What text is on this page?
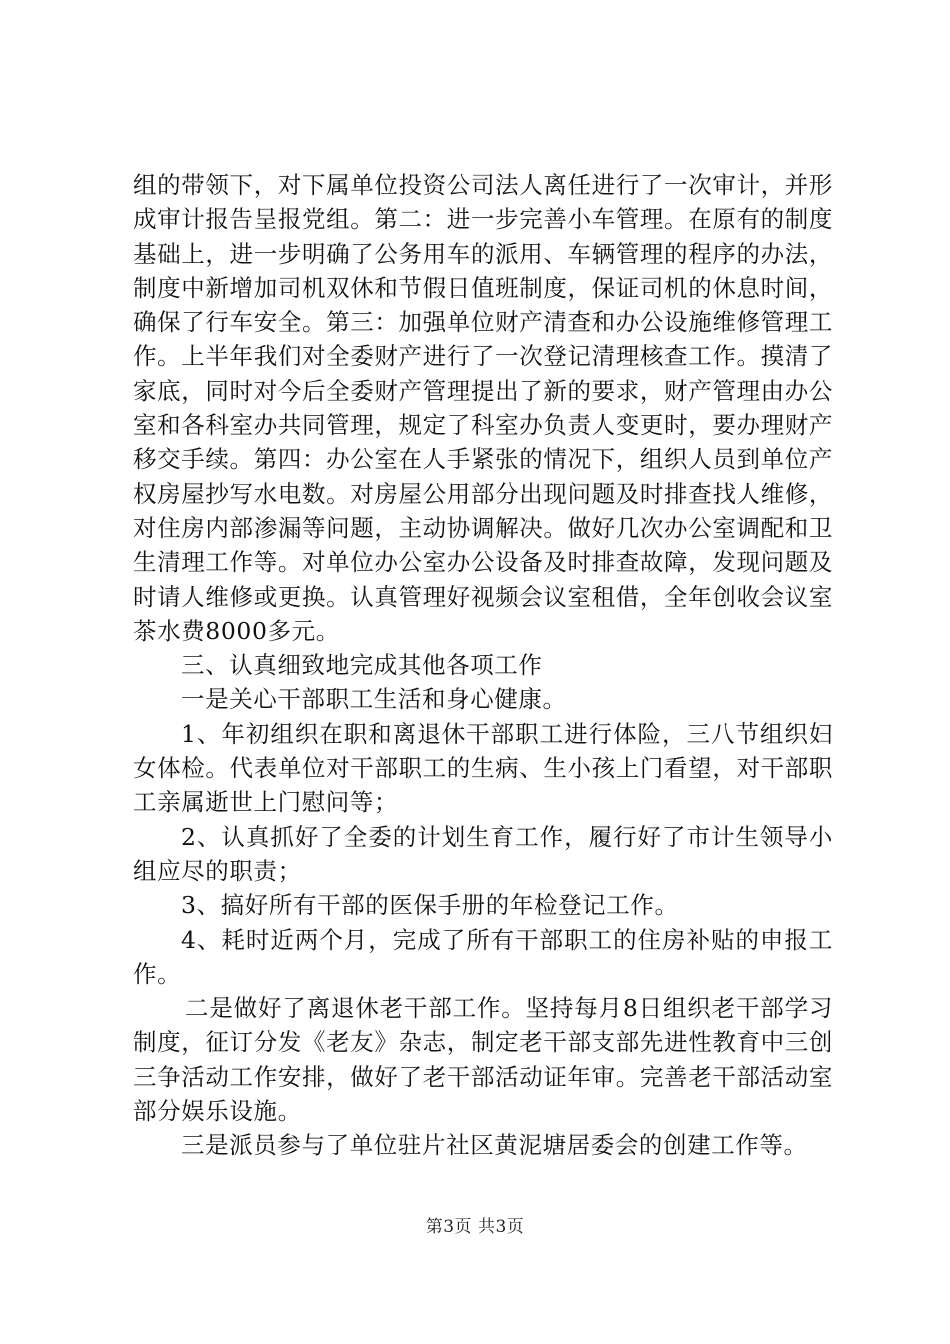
组的带领下，对下属单位投资公司法人离任进行了一次审计，并形成审计报告呈报党组。第二：进一步完善小车管理。在原有的制度基础上，进一步明确了公务用车的派用、车辆管理的程序的办法，制度中新增加司机双休和节假日值班制度，保证司机的休息时间，确保了行车安全。第三：加强单位财产清查和办公设施维修管理工作。上半年我们对全委财产进行了一次登记清理核查工作。摸清了家底，同时对今后全委财产管理提出了新的要求，财产管理由办公室和各科室办共同管理，规定了科室办负责人变更时，要办理财产移交手续。第四：办公室在人手紧张的情况下，组织人员到单位产权房屋抄写水电数。对房屋公用部分出现问题及时排查找人维修，对住房内部渗漏等问题，主动协调解决。做好几次办公室调配和卫生清理工作等。对单位办公室办公设备及时排查故障，发现问题及时请人维修或更换。认真管理好视频会议室租借，全年创收会议室茶水费8000多元。

三、认真细致地完成其他各项工作

一是关心干部职工生活和身心健康。

1、年初组织在职和离退休干部职工进行体险，三八节组织妇女体检。代表单位对干部职工的生病、生小孩上门看望，对干部职工亲属逝世上门慰问等；

2、认真抓好了全委的计划生育工作，履行好了市计生领导小组应尽的职责；

3、搞好所有干部的医保手册的年检登记工作。

4、耗时近两个月，完成了所有干部职工的住房补贴的申报工作。

二是做好了离退休老干部工作。坚持每月8日组织老干部学习制度，征订分发《老友》杂志，制定老干部支部先进性教育中三创三争活动工作安排，做好了老干部活动证年审。完善老干部活动室部分娱乐设施。

三是派员参与了单位驻片社区黄泥塘居委会的创建工作等。

第3页 共3页
